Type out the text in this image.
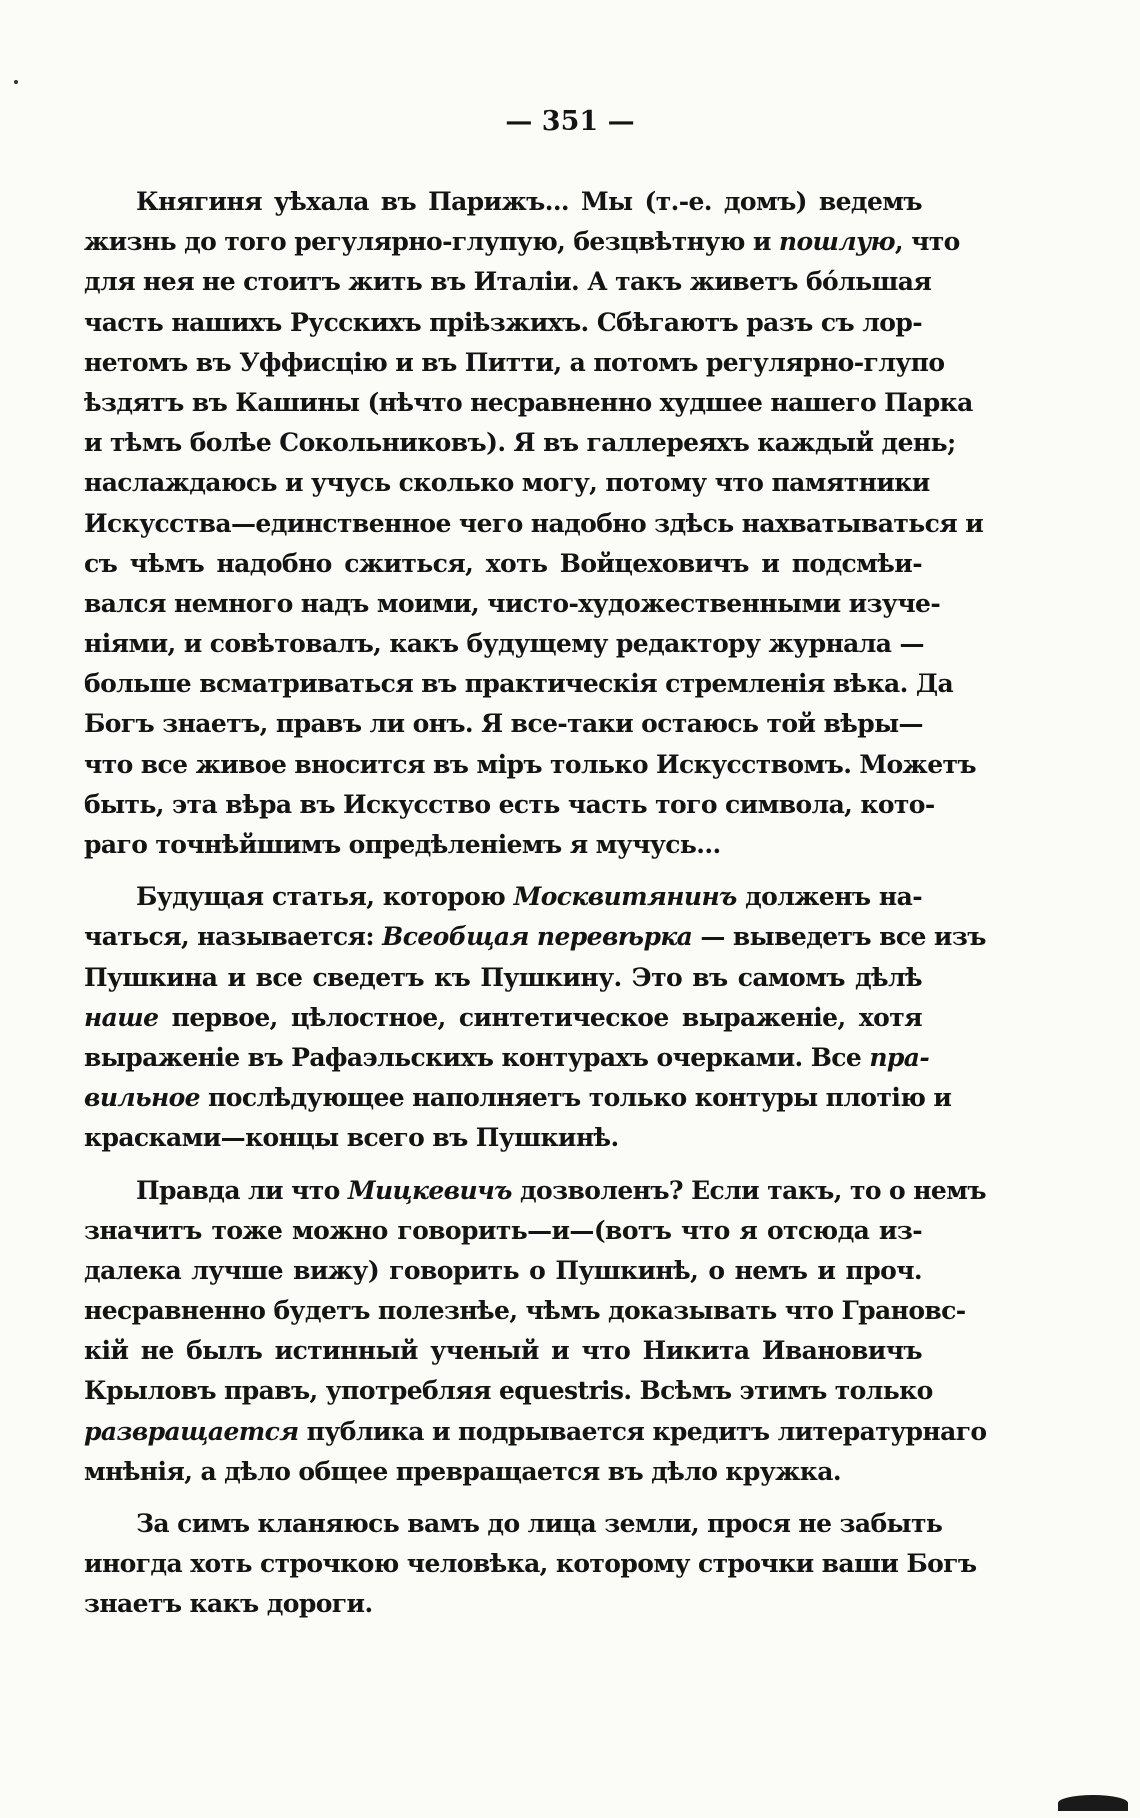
— 351 —
Княгиня уѣхала въ Парижъ... Мы (т.-е. домъ) ведемъ
жизнь до того регулярно-глупую, безцвѣтную и пошлую, что
для нея не стоитъ жить въ Италіи. А такъ живетъ бóльшая
часть нашихъ Русскихъ пріѣзжихъ. Сбѣгаютъ разъ съ лор-
нетомъ въ Уффисцію и въ Питти, а потомъ регулярно-глупо
ѣздятъ въ Кашины (нѣчто несравненно худшее нашего Парка
и тѣмъ болѣе Сокольниковъ). Я въ галлереяхъ каждый день;
наслаждаюсь и учусь сколько могу, потому что памятники
Искусства—единственное чего надобно здѣсь нахватываться и
съ чѣмъ надобно сжиться, хоть Войцеховичъ и подсмѣи-
вался немного надъ моими, чисто-художественными изуче-
ніями, и совѣтовалъ, какъ будущему редактору журнала —
больше всматриваться въ практическія стремленія вѣка. Да
Богъ знаетъ, правъ ли онъ. Я все-таки остаюсь той вѣры—
что все живое вносится въ міръ только Искусствомъ. Можетъ
быть, эта вѣра въ Искусство есть часть того символа, кото-
раго точнѣйшимъ опредѣленіемъ я мучусь...
Будущая статья, которою Москвитянинъ долженъ на-
чаться, называется: Всеобщая перевѣрка — выведетъ все изъ
Пушкина и все сведетъ къ Пушкину. Это въ самомъ дѣлѣ
наше первое, цѣлостное, синтетическое выраженіе, хотя
выраженіе въ Рафаэльскихъ контурахъ очерками. Все пра-
вильное послѣдующее наполняетъ только контуры плотію и
красками—концы всего въ Пушкинѣ.
Правда ли что Мицкевичъ дозволенъ? Если такъ, то о немъ
значитъ тоже можно говорить—и—(вотъ что я отсюда из-
далека лучше вижу) говорить о Пушкинѣ, о немъ и проч.
несравненно будетъ полезнѣе, чѣмъ доказывать что Грановс-
кій не былъ истинный ученый и что Никита Ивановичъ
Крыловъ правъ, употребляя equestris. Всѣмъ этимъ только
развращается публика и подрывается кредитъ литературнаго
мнѣнія, а дѣло общее превращается въ дѣло кружка.
За симъ кланяюсь вамъ до лица земли, прося не забыть
иногда хоть строчкою человѣка, которому строчки ваши Богъ
знаетъ какъ дороги.
